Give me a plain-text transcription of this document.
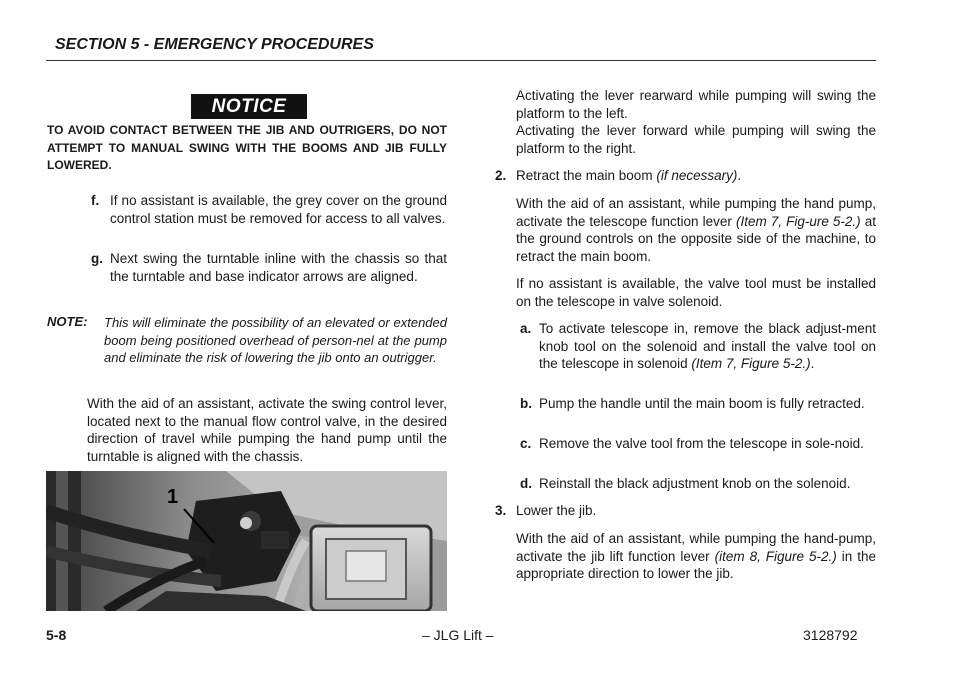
SECTION 5 - EMERGENCY PROCEDURES
NOTICE
TO AVOID CONTACT BETWEEN THE JIB AND OUTRIGERS, DO NOT ATTEMPT TO MANUAL SWING WITH THE BOOMS AND JIB FULLY LOWERED.
f. If no assistant is available, the grey cover on the ground control station must be removed for access to all valves.
g. Next swing the turntable inline with the chassis so that the turntable and base indicator arrows are aligned.
NOTE: This will eliminate the possibility of an elevated or extended boom being positioned overhead of person-nel at the pump and eliminate the risk of lowering the jib onto an outrigger.
With the aid of an assistant, activate the swing control lever, located next to the manual flow control valve, in the desired direction of travel while pumping the hand pump until the turntable is aligned with the chassis.
1
Activating the lever rearward while pumping will swing the platform to the left.
Activating the lever forward while pumping will swing the platform to the right.
2. Retract the main boom (if necessary).
With the aid of an assistant, while pumping the hand pump, activate the telescope function lever (Item 7, Fig-ure 5-2.) at the ground controls on the opposite side of the machine, to retract the main boom.
If no assistant is available, the valve tool must be installed on the telescope in valve solenoid.
a. To activate telescope in, remove the black adjust-ment knob tool on the solenoid and install the valve tool on the telescope in solenoid (Item 7, Figure 5-2.).
b. Pump the handle until the main boom is fully retracted.
c. Remove the valve tool from the telescope in sole-noid.
d. Reinstall the black adjustment knob on the solenoid.
3. Lower the jib.
With the aid of an assistant, while pumping the hand-pump, activate the jib lift function lever (item 8, Figure 5-2.) in the appropriate direction to lower the jib.
5-8	– JLG Lift –	3128792
